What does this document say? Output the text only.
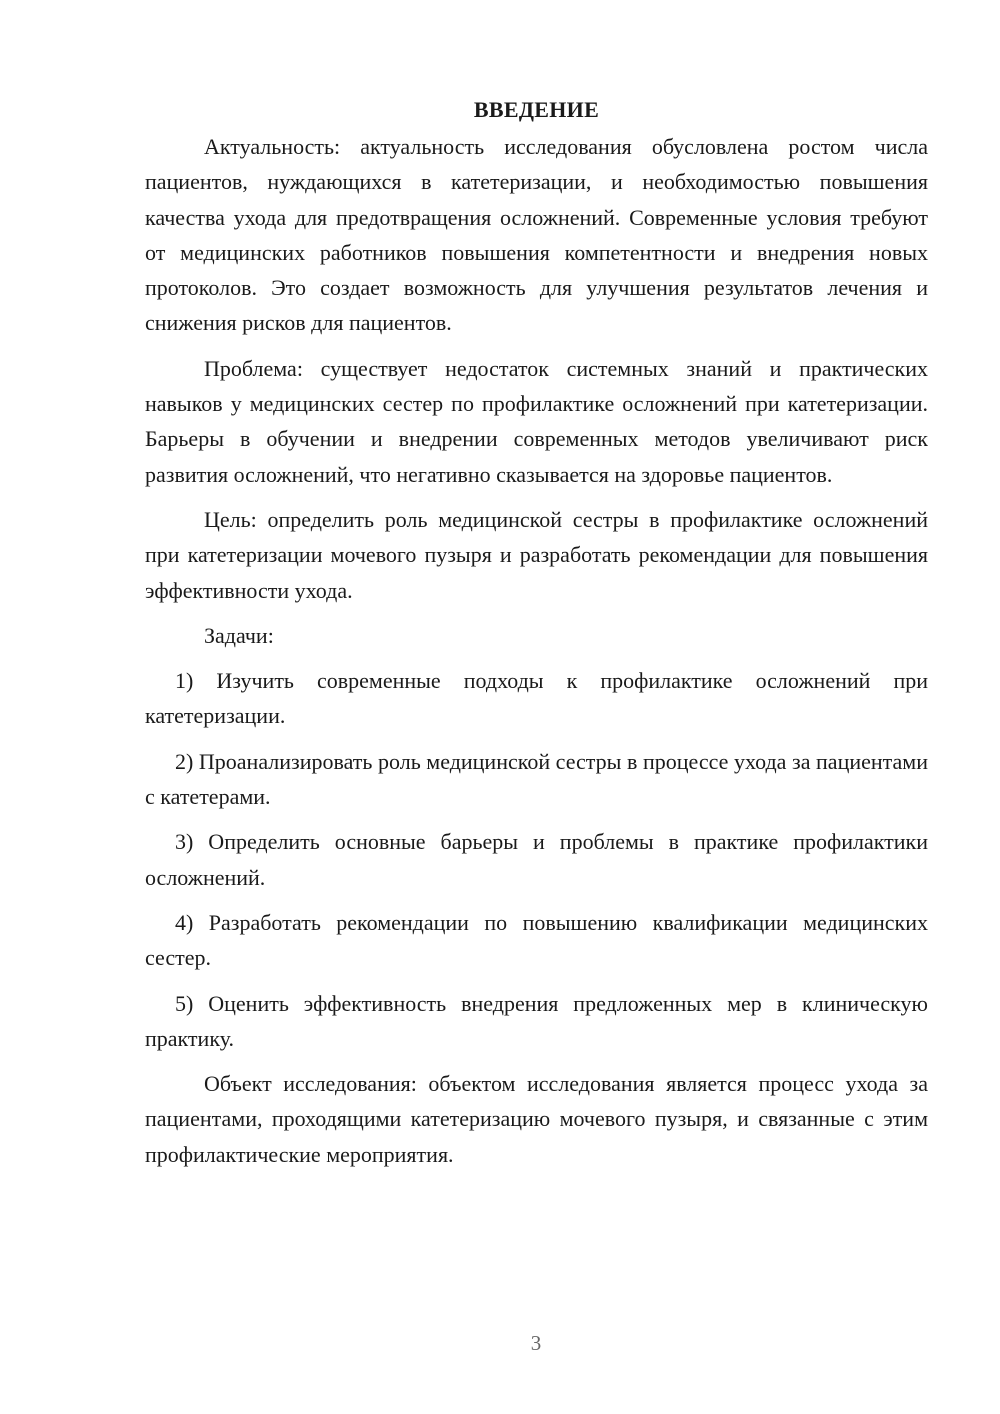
ВВЕДЕНИЕ

Актуальность: актуальность исследования обусловлена ростом числа пациентов, нуждающихся в катетеризации, и необходимостью повышения качества ухода для предотвращения осложнений. Современные условия требуют от медицинских работников повышения компетентности и внедрения новых протоколов. Это создает возможность для улучшения результатов лечения и снижения рисков для пациентов.

Проблема: существует недостаток системных знаний и практических навыков у медицинских сестер по профилактике осложнений при катетеризации. Барьеры в обучении и внедрении современных методов увеличивают риск развития осложнений, что негативно сказывается на здоровье пациентов.

Цель: определить роль медицинской сестры в профилактике осложнений при катетеризации мочевого пузыря и разработать рекомендации для повышения эффективности ухода.

Задачи:

1) Изучить современные подходы к профилактике осложнений при катетеризации.

2) Проанализировать роль медицинской сестры в процессе ухода за пациентами с катетерами.

3) Определить основные барьеры и проблемы в практике профилактики осложнений.

4) Разработать рекомендации по повышению квалификации медицинских сестер.

5) Оценить эффективность внедрения предложенных мер в клиническую практику.

Объект исследования: объектом исследования является процесс ухода за пациентами, проходящими катетеризацию мочевого пузыря, и связанные с этим профилактические мероприятия.

3
